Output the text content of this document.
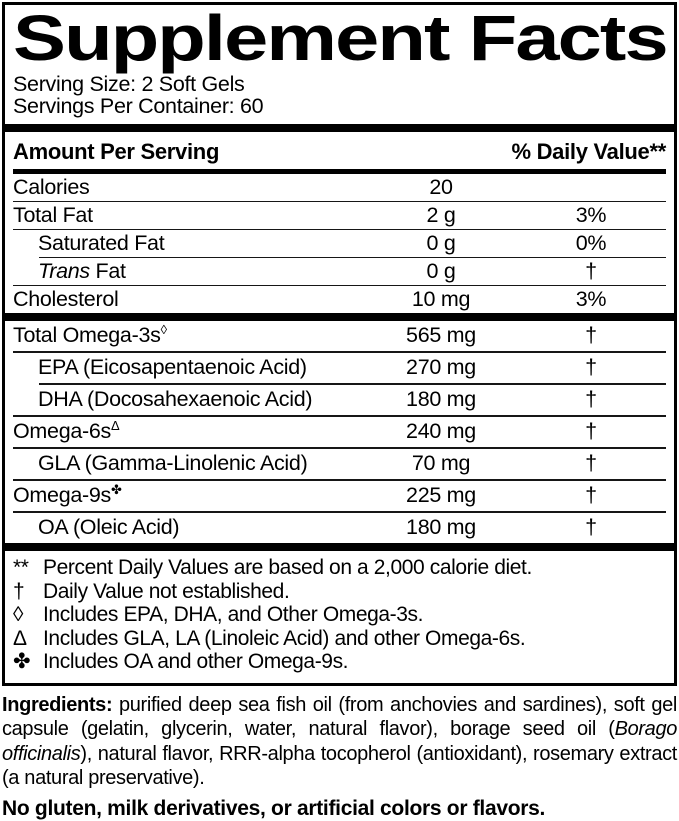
Supplement Facts
Serving Size: 2 Soft Gels
Servings Per Container: 60
Amount Per Serving	% Daily Value**
Calories	20
Total Fat	2 g	3%
Saturated Fat	0 g	0%
Trans Fat	0 g	†
Cholesterol	10 mg	3%
Total Omega-3s◊	565 mg	†
EPA (Eicosapentaenoic Acid)	270 mg	†
DHA (Docosahexaenoic Acid)	180 mg	†
Omega-$6s^\Delta$	240 mg	†
GLA (Gamma-Linolenic Acid)	70 mg	†
Omega-9s✤	225 mg	†
OA (Oleic Acid)	180 mg	†
** Percent Daily Values are based on a 2,000 calorie diet.
† Daily Value not established.
◊ Includes EPA, DHA, and Other Omega-3s.
Δ Includes GLA, LA (Linoleic Acid) and other Omega-6s.
✤ Includes OA and other Omega-9s.

Ingredients: purified deep sea fish oil (from anchovies and sardines), soft gel capsule (gelatin, glycerin, water, natural flavor), borage seed oil (Borago officinalis), natural flavor, RRR-alpha tocopherol (antioxidant), rosemary extract (a natural preservative).

No gluten, milk derivatives, or artificial colors or flavors.
